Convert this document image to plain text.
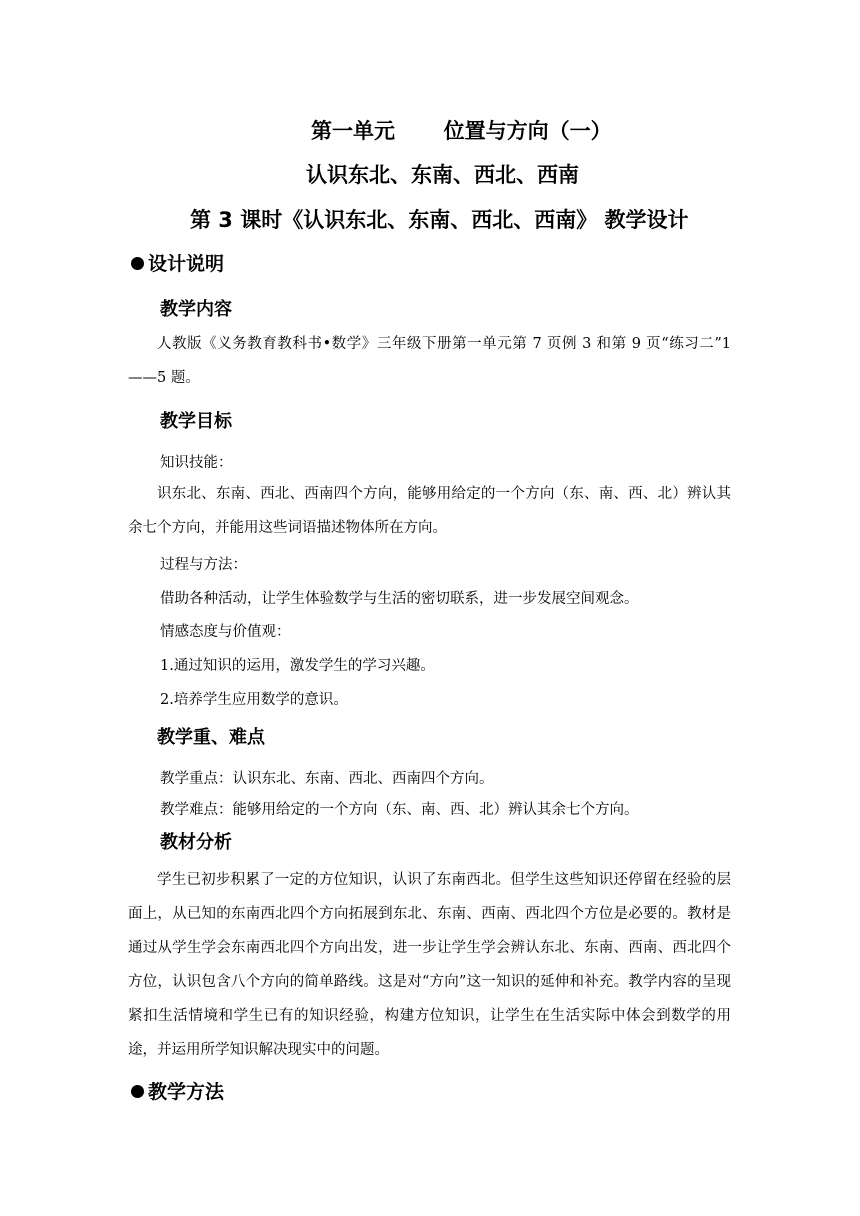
第一单元 位置与方向（一）
认识东北、东南、西北、西南
第 3 课时《认识东北、东南、西北、西南》 教学设计
设计说明
教学内容
人教版《义务教育教科书•数学》三年级下册第一单元第 7 页例 3 和第 9 页“练习二”1——5 题。
教学目标
知识技能：
识东北、东南、西北、西南四个方向，能够用给定的一个方向（东、南、西、北）辨认其余七个方向，并能用这些词语描述物体所在方向。
过程与方法：
借助各种活动，让学生体验数学与生活的密切联系，进一步发展空间观念。
情感态度与价值观：
1.通过知识的运用，激发学生的学习兴趣。
2.培养学生应用数学的意识。
教学重、难点
教学重点：认识东北、东南、西北、西南四个方向。
教学难点：能够用给定的一个方向（东、南、西、北）辨认其余七个方向。
教材分析
学生已初步积累了一定的方位知识，认识了东南西北。但学生这些知识还停留在经验的层面上，从已知的东南西北四个方向拓展到东北、东南、西南、西北四个方位是必要的。教材是通过从学生学会东南西北四个方向出发，进一步让学生学会辨认东北、东南、西南、西北四个方位，认识包含八个方向的简单路线。这是对“方向”这一知识的延伸和补充。教学内容的呈现紧扣生活情境和学生已有的知识经验，构建方位知识，让学生在生活实际中体会到数学的用途，并运用所学知识解决现实中的问题。
教学方法
